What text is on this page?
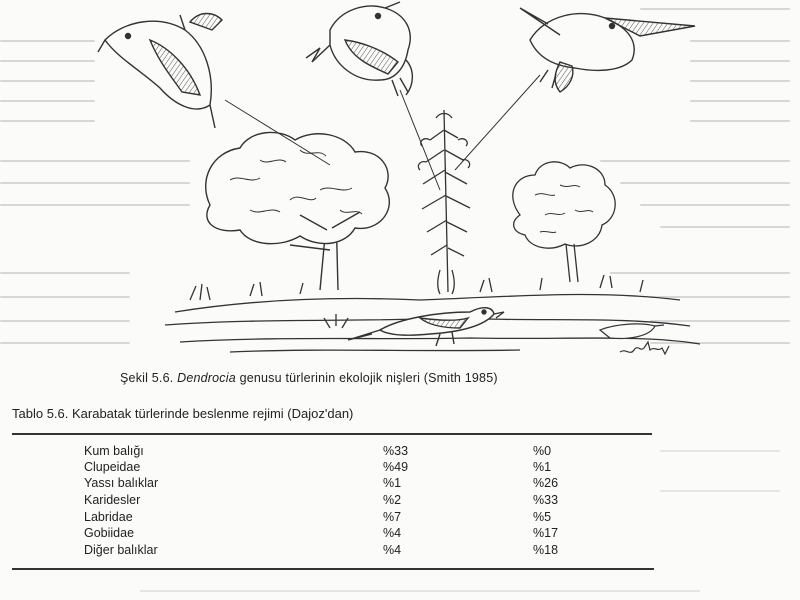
Şekil 5.6. Dendrocia genusu türlerinin ekolojik nişleri (Smith 1985)
Tablo 5.6. Karabatak türlerinde beslenme rejimi (Dajoz'dan)
Kum balığı	%33	%0
Clupeidae	%49	%1
Yassı balıklar	%1	%26
Karidesler	%2	%33
Labridae	%7	%5
Gobiidae	%4	%17
Diğer balıklar	%4	%18
